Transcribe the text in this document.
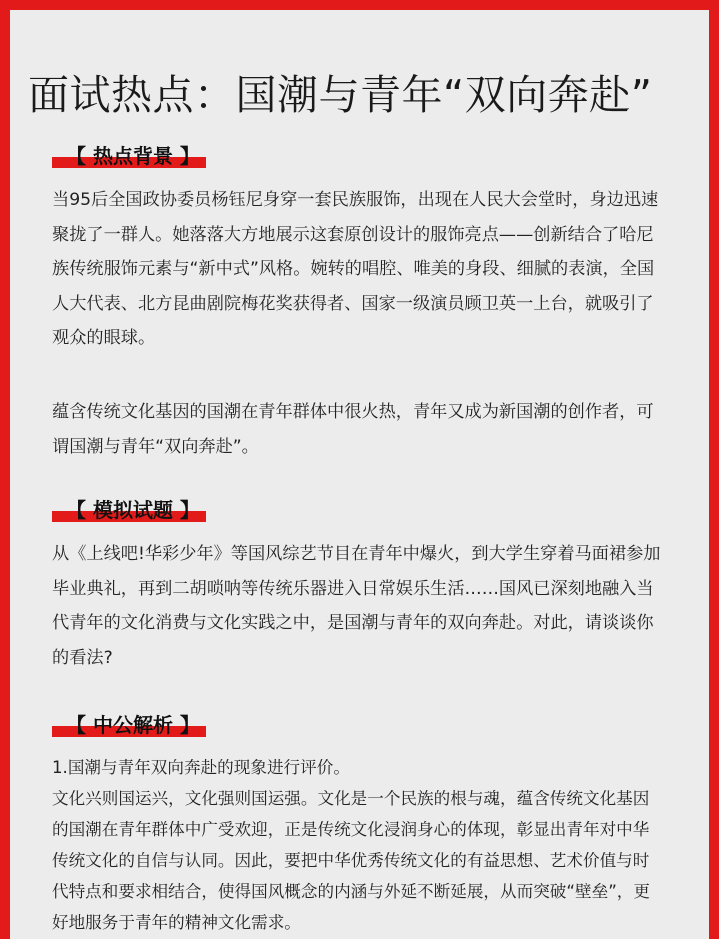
面试热点：国潮与青年“双向奔赴”
【 热点背景 】
当95后全国政协委员杨钰尼身穿一套民族服饰，出现在人民大会堂时，身边迅速聚拢了一群人。她落落大方地展示这套原创设计的服饰亮点——创新结合了哈尼族传统服饰元素与“新中式”风格。婉转的唱腔、唯美的身段、细腻的表演，全国人大代表、北方昆曲剧院梅花奖获得者、国家一级演员顾卫英一上台，就吸引了观众的眼球。
蕴含传统文化基因的国潮在青年群体中很火热，青年又成为新国潮的创作者，可谓国潮与青年“双向奔赴”。
【 模拟试题 】
从《上线吧!华彩少年》等国风综艺节目在青年中爆火，到大学生穿着马面裙参加毕业典礼，再到二胡唢呐等传统乐器进入日常娱乐生活……国风已深刻地融入当代青年的文化消费与文化实践之中，是国潮与青年的双向奔赴。对此，请谈谈你的看法?
【 中公解析 】
1.国潮与青年双向奔赴的现象进行评价。
文化兴则国运兴，文化强则国运强。文化是一个民族的根与魂，蕴含传统文化基因的国潮在青年群体中广受欢迎，正是传统文化浸润身心的体现，彰显出青年对中华传统文化的自信与认同。因此，要把中华优秀传统文化的有益思想、艺术价值与时代特点和要求相结合，使得国风概念的内涵与外延不断延展，从而突破“壁垒”，更好地服务于青年的精神文化需求。
